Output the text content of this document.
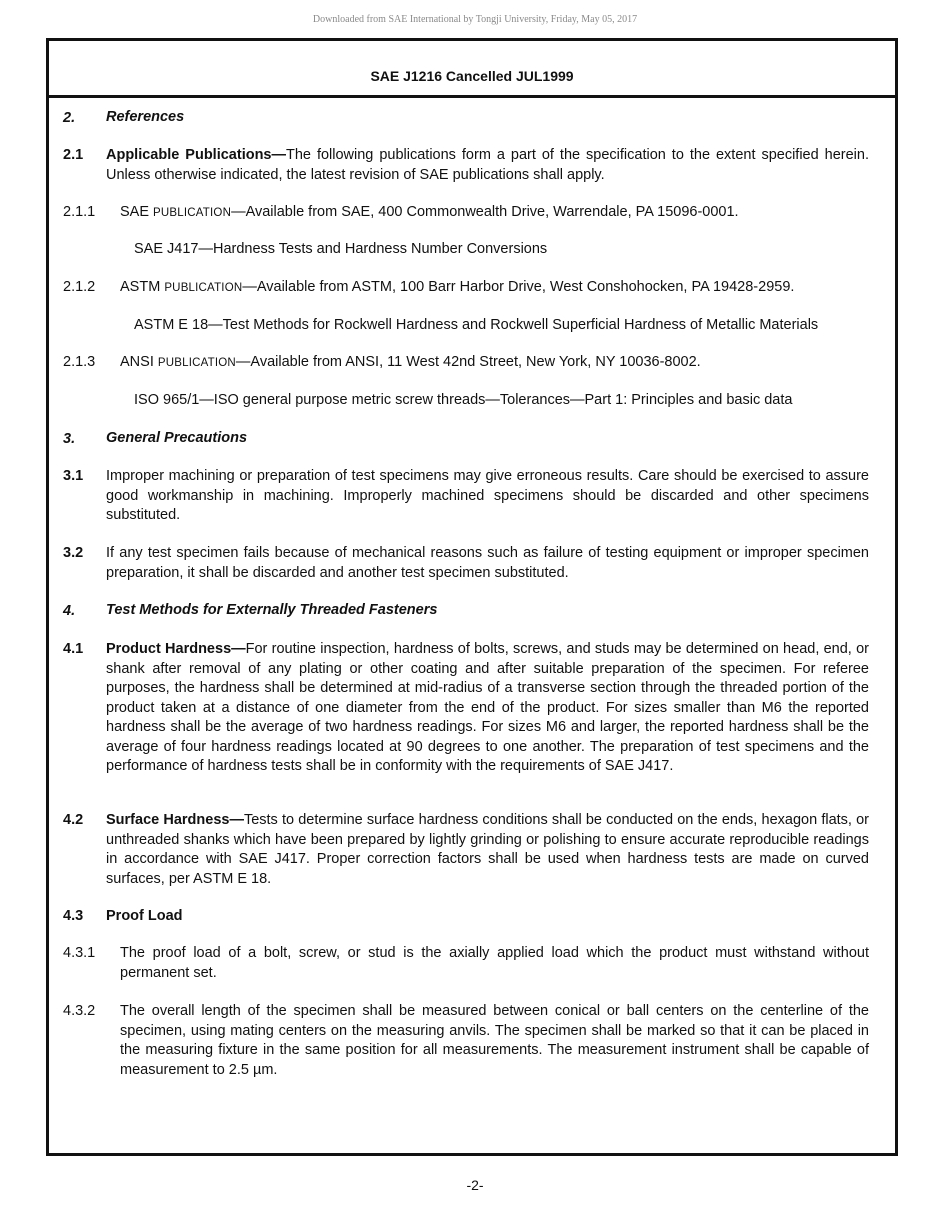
Downloaded from SAE International by Tongji University, Friday, May 05, 2017
SAE J1216 Cancelled JUL1999
2. References
2.1 Applicable Publications—The following publications form a part of the specification to the extent specified herein. Unless otherwise indicated, the latest revision of SAE publications shall apply.
2.1.1 SAE PUBLICATION—Available from SAE, 400 Commonwealth Drive, Warrendale, PA 15096-0001.
SAE J417—Hardness Tests and Hardness Number Conversions
2.1.2 ASTM PUBLICATION—Available from ASTM, 100 Barr Harbor Drive, West Conshohocken, PA 19428-2959.
ASTM E 18—Test Methods for Rockwell Hardness and Rockwell Superficial Hardness of Metallic Materials
2.1.3 ANSI PUBLICATION—Available from ANSI, 11 West 42nd Street, New York, NY 10036-8002.
ISO 965/1—ISO general purpose metric screw threads—Tolerances—Part 1: Principles and basic data
3. General Precautions
3.1 Improper machining or preparation of test specimens may give erroneous results. Care should be exercised to assure good workmanship in machining. Improperly machined specimens should be discarded and other specimens substituted.
3.2 If any test specimen fails because of mechanical reasons such as failure of testing equipment or improper specimen preparation, it shall be discarded and another test specimen substituted.
4. Test Methods for Externally Threaded Fasteners
4.1 Product Hardness—For routine inspection, hardness of bolts, screws, and studs may be determined on head, end, or shank after removal of any plating or other coating and after suitable preparation of the specimen. For referee purposes, the hardness shall be determined at mid-radius of a transverse section through the threaded portion of the product taken at a distance of one diameter from the end of the product. For sizes smaller than M6 the reported hardness shall be the average of two hardness readings. For sizes M6 and larger, the reported hardness shall be the average of four hardness readings located at 90 degrees to one another. The preparation of test specimens and the performance of hardness tests shall be in conformity with the requirements of SAE J417.
4.2 Surface Hardness—Tests to determine surface hardness conditions shall be conducted on the ends, hexagon flats, or unthreaded shanks which have been prepared by lightly grinding or polishing to ensure accurate reproducible readings in accordance with SAE J417. Proper correction factors shall be used when hardness tests are made on curved surfaces, per ASTM E 18.
4.3 Proof Load
4.3.1 The proof load of a bolt, screw, or stud is the axially applied load which the product must withstand without permanent set.
4.3.2 The overall length of the specimen shall be measured between conical or ball centers on the centerline of the specimen, using mating centers on the measuring anvils. The specimen shall be marked so that it can be placed in the measuring fixture in the same position for all measurements. The measurement instrument shall be capable of measurement to 2.5 µm.
-2-
